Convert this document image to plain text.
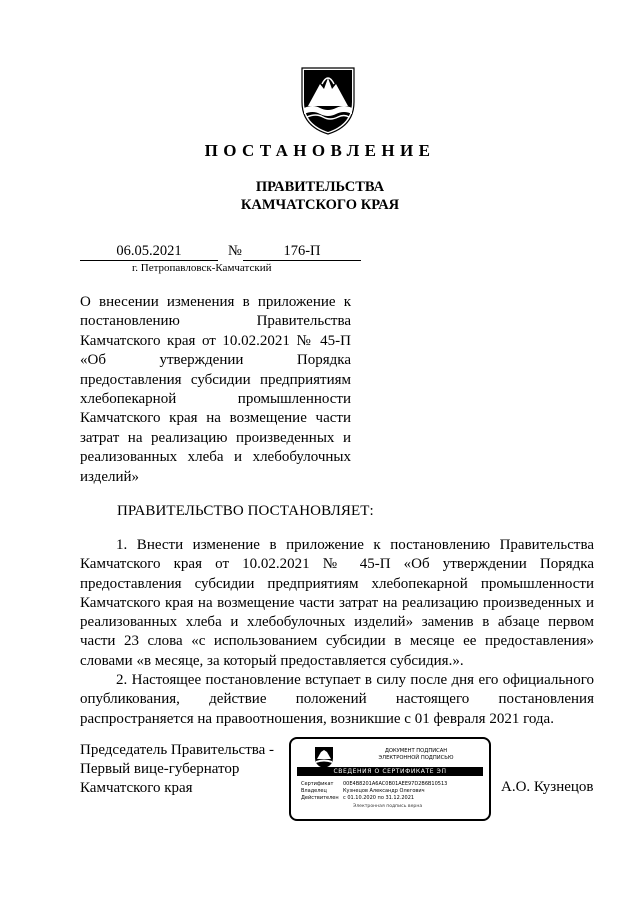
ПОСТАНОВЛЕНИЕ
ПРАВИТЕЛЬСТВА
КАМЧАТСКОГО КРАЯ
06.05.2021	№	176-П
г. Петропавловск-Камчатский
О внесении изменения в приложение к постановлению Правительства Камчатского края от 10.02.2021 № 45-П «Об утверждении Порядка предоставления субсидии предприятиям хлебопекарной промышленности Камчатского края на возмещение части затрат на реализацию произведенных и реализованных хлеба и хлебобулочных изделий»
ПРАВИТЕЛЬСТВО ПОСТАНОВЛЯЕТ:

1. Внести изменение в приложение к постановлению Правительства Камчатского края от 10.02.2021 № 45-П «Об утверждении Порядка предоставления субсидии предприятиям хлебопекарной промышленности Камчатского края на возмещение части затрат на реализацию произведенных и реализованных хлеба и хлебобулочных изделий» заменив в абзаце первом части 23 слова «с использованием субсидии в месяце ее предоставления» словами «в месяце, за который предоставляется субсидия.».

2. Настоящее постановление вступает в силу после дня его официального опубликования, действие положений настоящего постановления распространяется на правоотношения, возникшие с 01 февраля 2021 года.

Председатель Правительства -
Первый вице-губернатор
Камчатского края
ДОКУМЕНТ ПОДПИСАН
ЭЛЕКТРОННОЙ ПОДПИСЬЮ
СВЕДЕНИЯ О СЕРТИФИКАТЕ ЭП
Сертификат 00E4B8201A6AC0B01AEE97D2B6B10513
Владелец	Кузнецов Александр Олегович
Действителен с 01.10.2020 по 31.12.2021
Электронная подпись верна
А.О. Кузнецов
